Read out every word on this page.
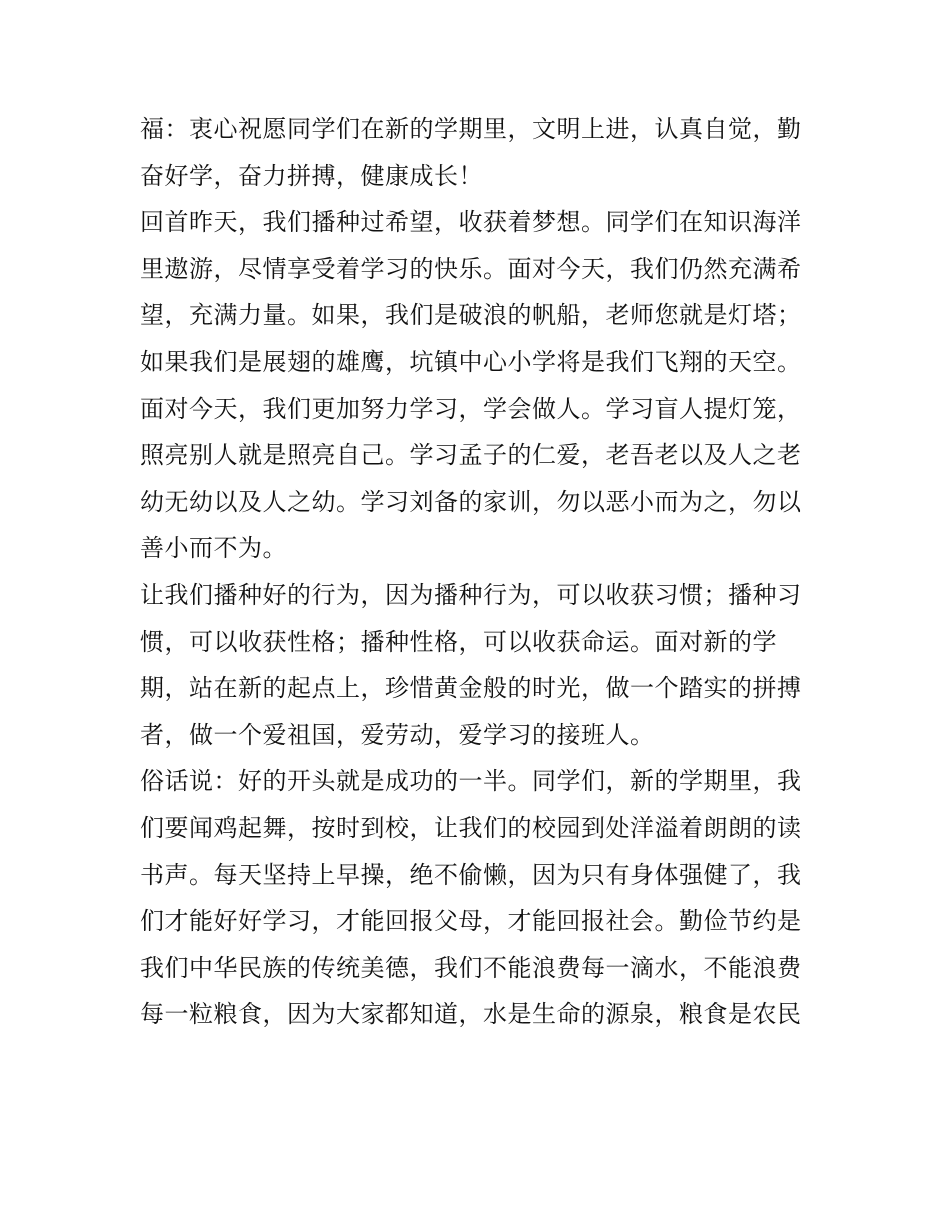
福：衷心祝愿同学们在新的学期里，文明上进，认真自觉，勤
奋好学，奋力拼搏，健康成长！
回首昨天，我们播种过希望，收获着梦想。同学们在知识海洋
里遨游，尽情享受着学习的快乐。面对今天，我们仍然充满希
望，充满力量。如果，我们是破浪的帆船，老师您就是灯塔；
如果我们是展翅的雄鹰，坑镇中心小学将是我们飞翔的天空。
面对今天，我们更加努力学习，学会做人。学习盲人提灯笼，
照亮别人就是照亮自己。学习孟子的仁爱，老吾老以及人之老
幼无幼以及人之幼。学习刘备的家训，勿以恶小而为之，勿以
善小而不为。
让我们播种好的行为，因为播种行为，可以收获习惯；播种习
惯，可以收获性格；播种性格，可以收获命运。面对新的学
期，站在新的起点上，珍惜黄金般的时光，做一个踏实的拼搏
者，做一个爱祖国，爱劳动，爱学习的接班人。
俗话说：好的开头就是成功的一半。同学们，新的学期里，我
们要闻鸡起舞，按时到校，让我们的校园到处洋溢着朗朗的读
书声。每天坚持上早操，绝不偷懒，因为只有身体强健了，我
们才能好好学习，才能回报父母，才能回报社会。勤俭节约是
我们中华民族的传统美德，我们不能浪费每一滴水，不能浪费
每一粒粮食，因为大家都知道，水是生命的源泉，粮食是农民
